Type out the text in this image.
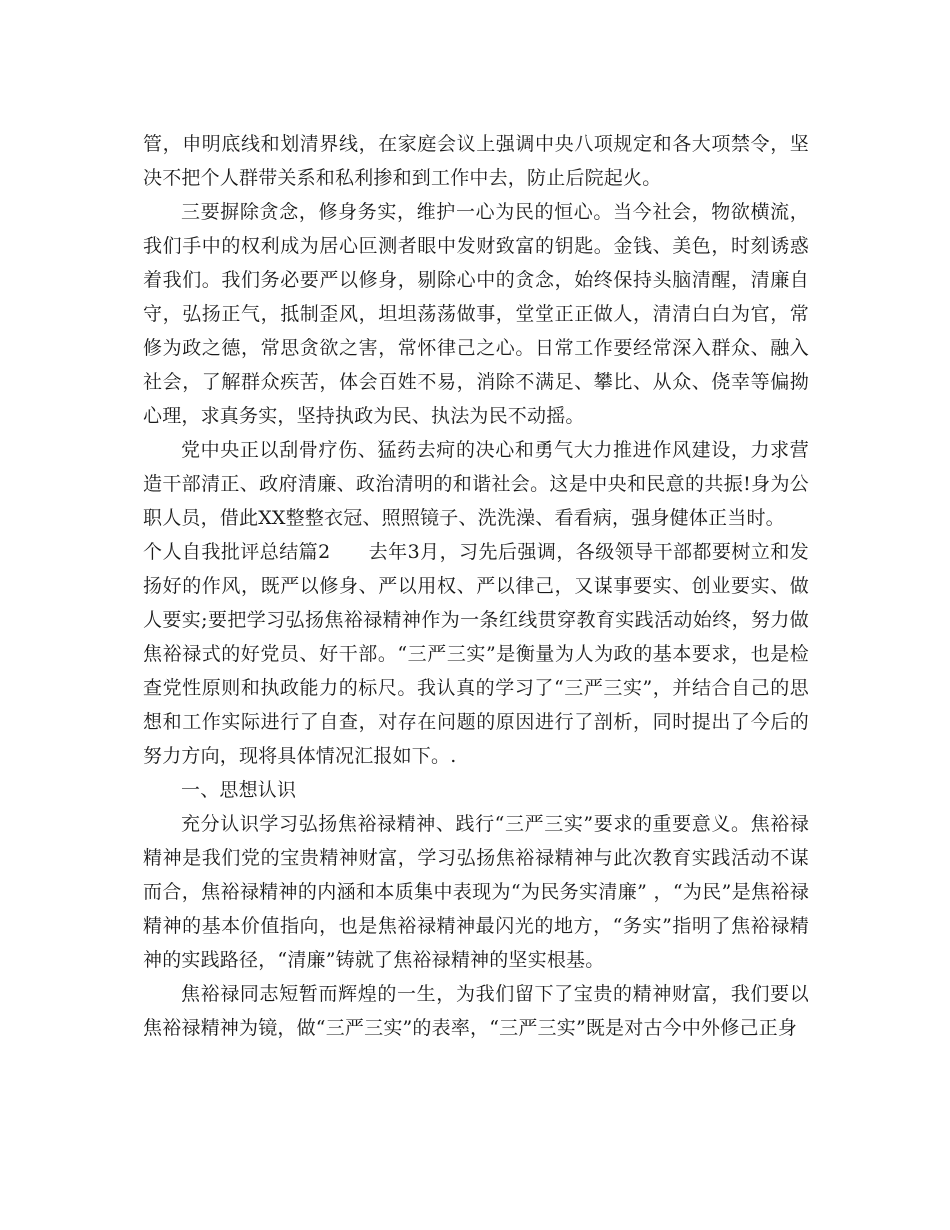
管，申明底线和划清界线，在家庭会议上强调中央八项规定和各大项禁令，坚决不把个人群带关系和私利掺和到工作中去，防止后院起火。

三要摒除贪念，修身务实，维护一心为民的恒心。当今社会，物欲横流，我们手中的权利成为居心叵测者眼中发财致富的钥匙。金钱、美色，时刻诱惑着我们。我们务必要严以修身，剔除心中的贪念，始终保持头脑清醒，清廉自守，弘扬正气，抵制歪风，坦坦荡荡做事，堂堂正正做人，清清白白为官，常修为政之德，常思贪欲之害，常怀律己之心。日常工作要经常深入群众、融入社会，了解群众疾苦，体会百姓不易，消除不满足、攀比、从众、侥幸等偏拗心理，求真务实，坚持执政为民、执法为民不动摇。

党中央正以刮骨疗伤、猛药去疴的决心和勇气大力推进作风建设，力求营造干部清正、政府清廉、政治清明的和谐社会。这是中央和民意的共振!身为公职人员，借此XX整整衣冠、照照镜子、洗洗澡、看看病，强身健体正当时。

个人自我批评总结篇2 去年3月，习先后强调，各级领导干部都要树立和发扬好的作风，既严以修身、严以用权、严以律己，又谋事要实、创业要实、做人要实;要把学习弘扬焦裕禄精神作为一条红线贯穿教育实践活动始终，努力做焦裕禄式的好党员、好干部。“三严三实”是衡量为人为政的基本要求，也是检查党性原则和执政能力的标尺。我认真的学习了“三严三实”，并结合自己的思想和工作实际进行了自查，对存在问题的原因进行了剖析，同时提出了今后的努力方向，现将具体情况汇报如下。.

一、思想认识

充分认识学习弘扬焦裕禄精神、践行“三严三实”要求的重要意义。焦裕禄精神是我们党的宝贵精神财富，学习弘扬焦裕禄精神与此次教育实践活动不谋而合，焦裕禄精神的内涵和本质集中表现为“为民务实清廉” ，“为民”是焦裕禄精神的基本价值指向，也是焦裕禄精神最闪光的地方，“务实”指明了焦裕禄精神的实践路径，“清廉”铸就了焦裕禄精神的坚实根基。

焦裕禄同志短暂而辉煌的一生，为我们留下了宝贵的精神财富，我们要以焦裕禄精神为镜，做“三严三实”的表率，“三严三实”既是对古今中外修己正身
